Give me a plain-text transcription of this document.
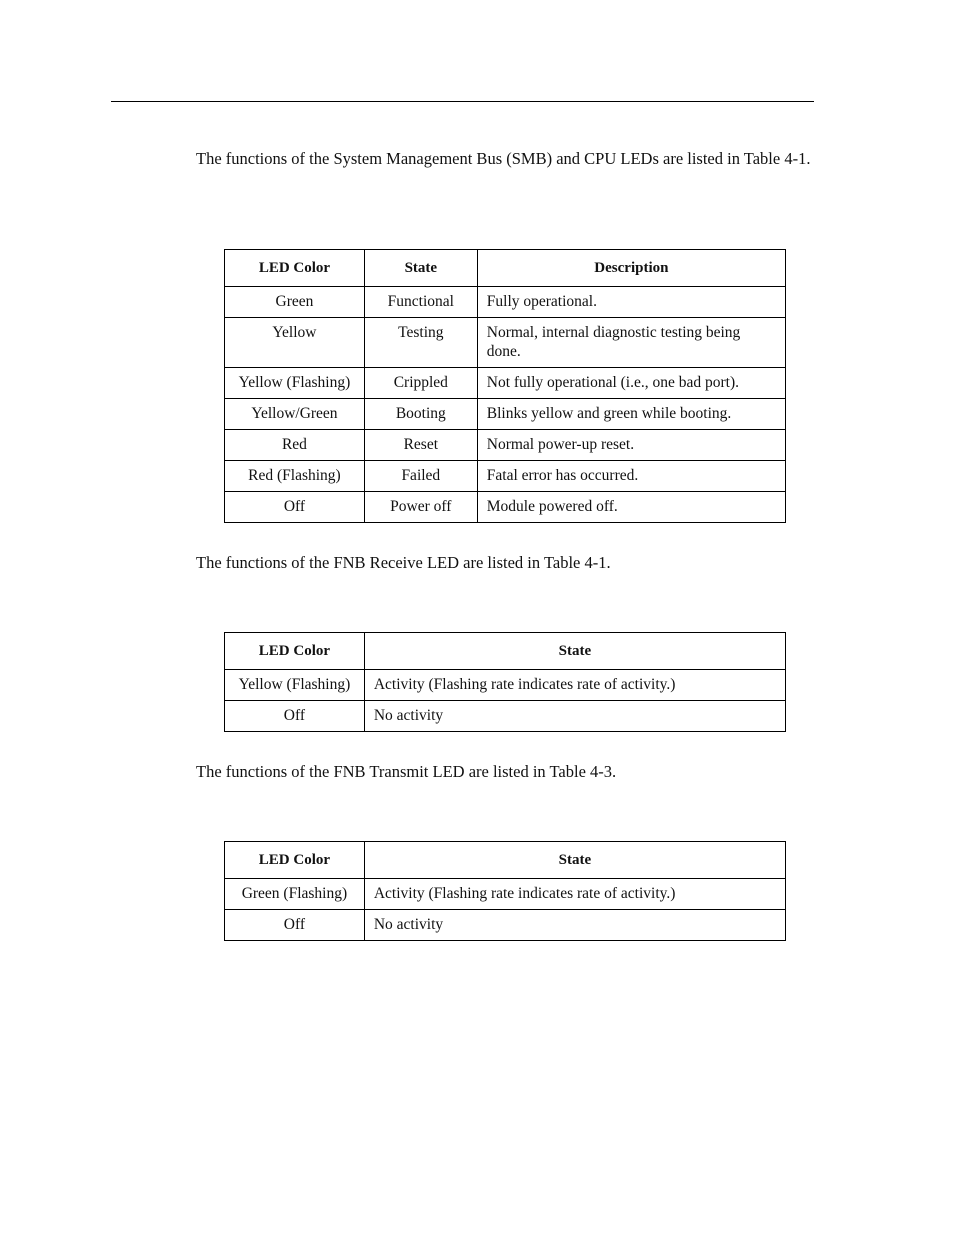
The functions of the System Management Bus (SMB) and CPU LEDs are listed in Table 4-1.

LED Color	State	Description
Green	Functional	Fully operational.
Yellow	Testing	Normal, internal diagnostic testing being done.
Yellow (Flashing)	Crippled	Not fully operational (i.e., one bad port).
Yellow/Green	Booting	Blinks yellow and green while booting.
Red	Reset	Normal power-up reset.
Red (Flashing)	Failed	Fatal error has occurred.
Off	Power off	Module powered off.

The functions of the FNB Receive LED are listed in Table 4-1.

LED Color	State
Yellow (Flashing)	Activity (Flashing rate indicates rate of activity.)
Off	No activity

The functions of the FNB Transmit LED are listed in Table 4-3.

LED Color	State
Green (Flashing)	Activity (Flashing rate indicates rate of activity.)
Off	No activity
